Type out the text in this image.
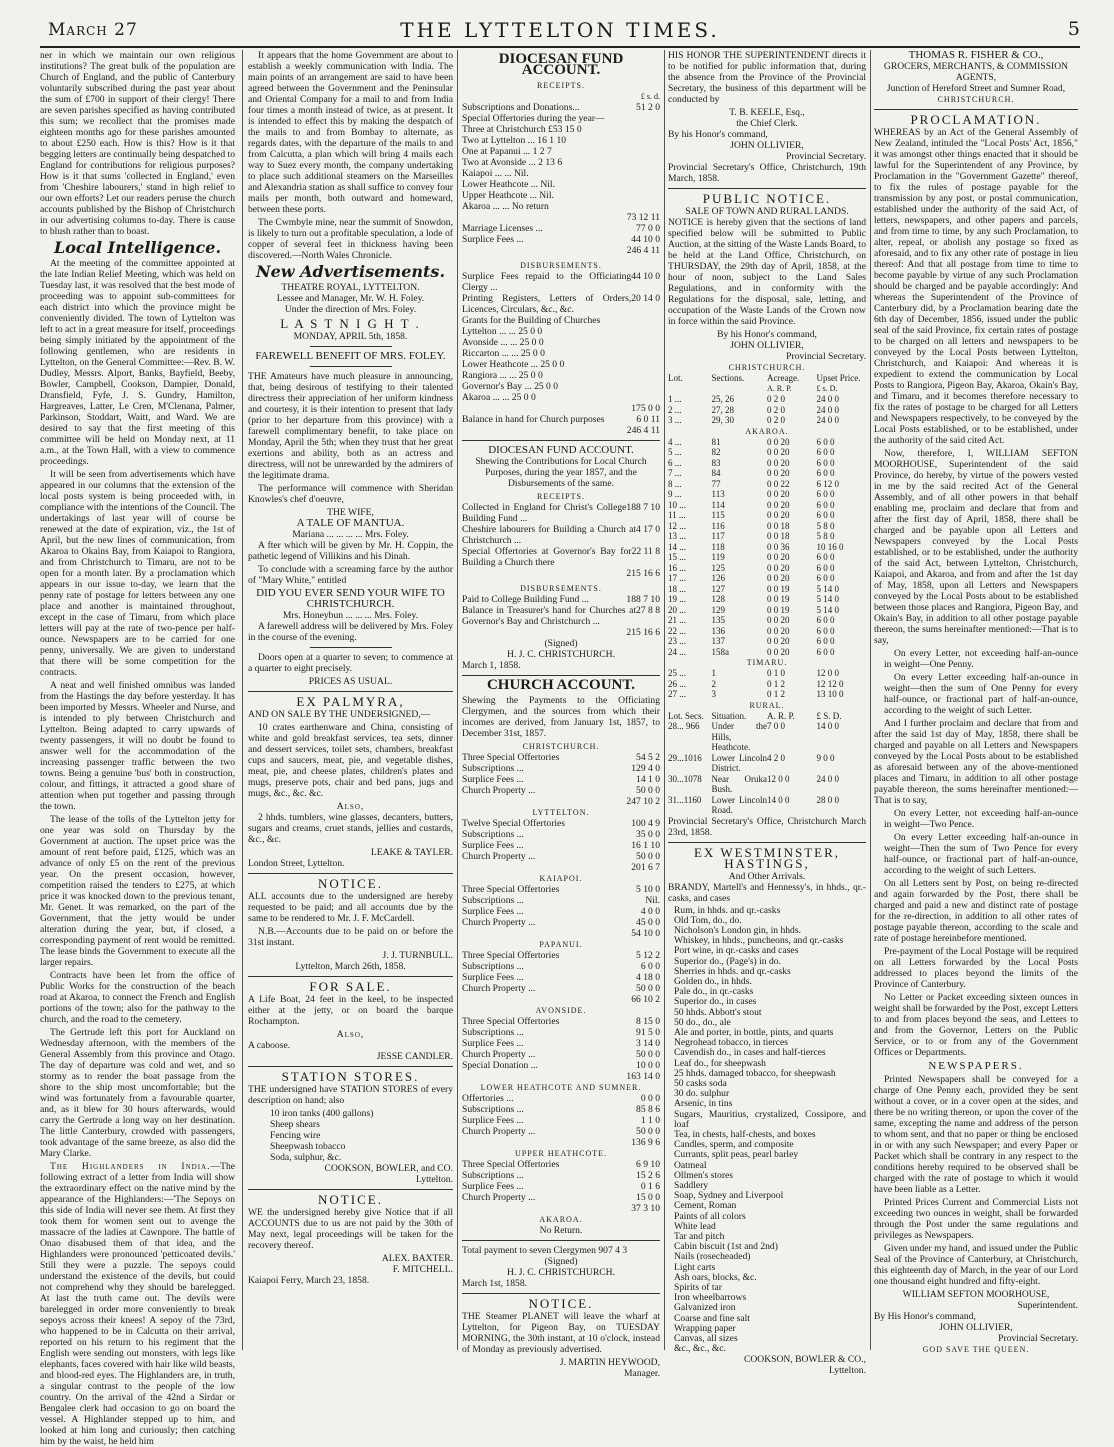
March 27	THE LYTTELTON TIMES.	5

ner in which we maintain our own religious institutions? The great bulk of the population are Church of England, and the public of Canterbury voluntarily subscribed during the past year about the sum of £700 in support of their clergy! There are seven parishes specified as having contributed this sum; we recollect that the promises made eighteen months ago for these parishes amounted to about £250 each. How is this? How is it that begging letters are continually being despatched to England for contributions for religious purposes? How is it that sums 'collected in England,' even from 'Cheshire labourers,' stand in high relief to our own efforts? Let our readers peruse the church accounts published by the Bishop of Christchurch in our advertising columns to-day. There is cause to blush rather than to boast.

Local Intelligence.

At the meeting of the committee appointed at the late Indian Relief Meeting, which was held on Tuesday last, it was resolved that the best mode of proceeding was to appoint sub-committees for each district into which the province might be conveniently divided. The town of Lyttelton was left to act in a great measure for itself, proceedings being simply initiated by the appointment of the following gentlemen, who are residents in Lyttelton, on the General Committee:—Rev. B. W. Dudley, Messrs. Alport, Banks, Bayfield, Beeby, Bowler, Campbell, Cookson, Dampier, Donald, Dransfield, Fyfe, J. S. Gundry, Hamilton, Hargreaves, Latter, Le Cren, M'Clenana, Palmer, Parkinson, Stoddart, Waitt, and Ward. We are desired to say that the first meeting of this committee will be held on Monday next, at 11 a.m., at the Town Hall, with a view to commence proceedings.

It will be seen from advertisements which have appeared in our columns that the extension of the local posts system is being proceeded with, in compliance with the intentions of the Council. The undertakings of last year will of course be renewed at the date of expiration, viz., the 1st of April, but the new lines of communication, from Akaroa to Okains Bay, from Kaiapoi to Rangiora, and from Christchurch to Timaru, are not to be open for a month later. By a proclamation which appears in our issue to-day, we learn that the penny rate of postage for letters between any one place and another is maintained throughout, except in the case of Timaru, from which place letters will pay at the rate of two-pence per half-ounce. Newspapers are to be carried for one penny, universally. We are given to understand that there will be some competition for the contracts.

A neat and well finished omnibus was landed from the Hastings the day before yesterday. It has been imported by Messrs. Wheeler and Nurse, and is intended to ply between Christchurch and Lyttelton. Being adapted to carry upwards of twenty passengers, it will no doubt be found to answer well for the accommodation of the increasing passenger traffic between the two towns. Being a genuine 'bus' both in construction, colour, and fittings, it attracted a good share of attention when put together and passing through the town.

The lease of the tolls of the Lyttelton jetty for one year was sold on Thursday by the Government at auction. The upset price was the amount of rent before paid, £125, which was an advance of only £5 on the rent of the previous year. On the present occasion, however, competition raised the tenders to £275, at which price it was knocked down to the previous tenant, Mr. Genet. It was remarked, on the part of the Government, that the jetty would be under alteration during the year, but, if closed, a corresponding payment of rent would be remitted. The lease binds the Government to execute all the larger repairs.

Contracts have been let from the office of Public Works for the construction of the beach road at Akaroa, to connect the French and English portions of the town; also for the pathway to the church, and the road to the cemetery.

The Gertrude left this port for Auckland on Wednesday afternoon, with the members of the General Assembly from this province and Otago. The day of departure was cold and wet, and so stormy as to render the boat passage from the shore to the ship most uncomfortable; but the wind was fortunately from a favourable quarter, and, as it blew for 30 hours afterwards, would carry the Gertrude a long way on her destination. The little Canterbury, crowded with passengers, took advantage of the same breeze, as also did the Mary Clarke.

The Highlanders in India.—The following extract of a letter from India will show the extraordinary effect on the native mind by the appearance of the Highlanders:—'The Sepoys on this side of India will never see them. At first they took them for women sent out to avenge the massacre of the ladies at Cawnpore. The battle of Onao disabused them of that idea, and the Highlanders were pronounced 'petticoated devils.' Still they were a puzzle. The sepoys could understand the existence of the devils, but could not comprehend why they should be barelegged. At last the truth came out. The devils were barelegged in order more conveniently to break sepoys across their knees! A sepoy of the 73rd, who happened to be in Calcutta on their arrival, reported on his return to his regiment that the English were sending out monsters, with legs like elephants, faces covered with hair like wild beasts, and blood-red eyes. The Highlanders are, in truth, a singular contrast to the people of the low country. On the arrival of the 42nd a Sirdar or Bengalee clerk had occasion to go on board the vessel. A Highlander stepped up to him, and looked at him long and curiously; then catching him by the waist, he held him

It appears that the home Government are about to establish a weekly communication with India. The main points of an arrangement are said to have been agreed between the Government and the Peninsular and Oriental Company for a mail to and from India four times a month instead of twice, as at present. It is intended to effect this by making the despatch of the mails to and from Bombay to alternate, as regards dates, with the departure of the mails to and from Calcutta, a plan which will bring 4 mails each way to Suez every month, the company undertaking to place such additional steamers on the Marseilles and Alexandria station as shall suffice to convey four mails per month, both outward and homeward, between these ports.

The Cwmbyle mine, near the summit of Snowdon, is likely to turn out a profitable speculation, a lode of copper of several feet in thickness having been discovered.—North Wales Chronicle.

New Advertisements.
THEATRE ROYAL, LYTTELTON.
Lessee and Manager, Mr. W. H. Foley.
Under the direction of Mrs. Foley.
L A S T N I G H T .
MONDAY, APRIL 5th, 1858.
FAREWELL BENEFIT OF MRS. FOLEY.

THE Amateurs have much pleasure in announcing, that, being desirous of testifying to their talented directress their appreciation of her uniform kindness and courtesy, it is their intention to present that lady (prior to her departure from this province) with a farewell complimentary benefit, to take place on Monday, April the 5th; when they trust that her great exertions and ability, both as an actress and directress, will not be unrewarded by the admirers of the legitimate drama.

The performance will commence with Sheridan Knowles's chef d'oeuvre,

THE WIFE,
A TALE OF MANTUA.
Mariana ... ... ... ... Mrs. Foley.

A fter which will be given by Mr. H. Coppin, the pathetic legend of Villikins and his Dinah.

To conclude with a screaming farce by the author of "Mary White," entitled

DID YOU EVER SEND YOUR WIFE TO CHRISTCHURCH.
Mrs. Honeybun ... ... ... Mrs. Foley.

A farewell address will be delivered by Mrs. Foley in the course of the evening.

Doors open at a quarter to seven; to commence at a quarter to eight precisely.

PRICES AS USUAL.
EX PALMYRA,

AND ON SALE BY THE UNDERSIGNED,—

10 crates earthenware and China, consisting of white and gold breakfast services, tea sets, dinner and dessert services, toilet sets, chambers, breakfast cups and saucers, meat, pie, and vegetable dishes, meat, pie, and cheese plates, children's plates and mugs, preserve pots, chair and bed pans, jugs and mugs, &c., &c. &c.

Also,

2 hhds. tumblers, wine glasses, decanters, butters, sugars and creams, cruet stands, jellies and custards, &c., &c.

LEAKE & TAYLER.
London Street, Lyttelton.
NOTICE.

ALL accounts due to the undersigned are hereby requested to be paid; and all accounts due by the same to be rendered to Mr. J. F. McCardell.

N.B.—Accounts due to be paid on or before the 31st instant.

J. J. TURNBULL.
Lyttelton, March 26th, 1858.
FOR SALE.

A Life Boat, 24 feet in the keel, to be inspected either at the jetty, or on board the barque Rochampton.

Also,
A caboose.
JESSE CANDLER.
STATION STORES.

THE undersigned have STATION STORES of every description on hand; also

10 iron tanks (400 gallons)
Sheep shears
Fencing wire
Sheepwash tobacco
Soda, sulphur, &c.
COOKSON, BOWLER, and CO.
Lyttelton.
NOTICE.

WE the undersigned hereby give Notice that if all ACCOUNTS due to us are not paid by the 30th of May next, legal proceedings will be taken for the recovery thereof.

ALEX. BAXTER.
F. MITCHELL.
Kaiapoi Ferry, March 23, 1858.
DIOCESAN FUND ACCOUNT.
RECEIPTS.
£ s. d.
Subscriptions and Donations...	51 2 0
Special Offertories during the year—
Three at Christchurch £53 15 0
Two at Lyttelton ... 16 1 10
One at Papanui ... 1 2 7
Two at Avonside ... 2 13 6
Kaiapoi ... ... Nil.
Lower Heathcote ... Nil.
Upper Heathcote ... Nil.
Akaroa ... ... No return
73 12 11
Marriage Licenses ...	77 0 0
Surplice Fees ...	44 10 0
246 4 11
DISBURSEMENTS.
Surplice Fees repaid to the Officiating Clergy ...
44 10 0
Printing Registers, Letters of Orders, Licences, Circulars, &c., &c.
20 14 0
Grants for the Building of Churches
Lyttelton ... ... 25 0 0
Avonside ... ... 25 0 0
Riccarton ... ... 25 0 0
Lower Heathcote ... 25 0 0
Rangiora ... ... 25 0 0
Governor's Bay ... 25 0 0
Akaroa ... ... 25 0 0
175 0 0
Balance in hand for Church purposes	6 0 11
246 4 11
DIOCESAN FUND ACCOUNT.

Shewing the Contributions for Local Church Purposes, during the year 1857, and the Disbursements of the same.

RECEIPTS.
Collected in England for Christ's College Building Fund ...
188 7 10
Cheshire labourers for Building a Church at Christchurch ...
4 17 0
Special Offertories at Governor's Bay for Building a Church there
22 11 8
215 16 6
DISBURSEMENTS.
Paid to College Building Fund ...	188 7 10
Balance in Treasurer's hand for Churches at Governor's Bay and Christchurch ...
27 8 8
215 16 6
(Signed)
H. J. C. CHRISTCHURCH.
March 1, 1858.
CHURCH ACCOUNT.

Shewing the Payments to the Officiating Clergymen, and the sources from which their incomes are derived, from January 1st, 1857, to December 31st, 1857.

CHRISTCHURCH.
Three Special Offertories	54 5 2
Subscriptions ...	129 4 0
Surplice Fees ...	14 1 0
Church Property ...	50 0 0
247 10 2
LYTTELTON.
Twelve Special Offertories	100 4 9
Subscriptions ...	35 0 0
Surplice Fees ...	16 1 10
Church Property ...	50 0 0
201 6 7
KAIAPOI.
Three Special Offertories	5 10 0
Subscriptions ...	Nil.
Surplice Fees ...	4 0 0
Church Property ...	45 0 0
54 10 0
PAPANUI.
Three Special Offertories	5 12 2
Subscriptions ...	6 0 0
Surplice Fees ...	4 18 0
Church Property ...	50 0 0
66 10 2
AVONSIDE.
Three Special Offertories	8 15 0
Subscriptions ...	91 5 0
Surplice Fees ...	3 14 0
Church Property ...	50 0 0
Special Donation ...	10 0 0
163 14 0
LOWER HEATHCOTE AND SUMNER.
Offertories ...	0 0 0
Subscriptions ...	85 8 6
Surplice Fees ...	1 1 0
Church Property ...	50 0 0
136 9 6
UPPER HEATHCOTE.
Three Special Offertories	6 9 10
Subscriptions ...	15 2 6
Surplice Fees ...	0 1 6
Church Property ...	15 0 0
37 3 10
AKAROA.
No Return.
Total payment to seven Clergymen 907 4 3
(Signed)
H. J. C. CHRISTCHURCH.
March 1st, 1858.
NOTICE.

THE Steamer PLANET will leave the wharf at Lyttelton, for Pigeon Bay, on TUESDAY MORNING, the 30th instant, at 10 o'clock, instead of Monday as previously advertised.

J. MARTIN HEYWOOD,
Manager.

HIS HONOR THE SUPERINTENDENT directs it to be notified for public information that, during the absence from the Province of the Provincial Secretary, the business of this department will be conducted by

T. B. KEELE, Esq.,
the Chief Clerk.
By his Honor's command,
JOHN OLLIVIER,
Provincial Secretary.
Provincial Secretary's Office, Christchurch, 19th March, 1858.
PUBLIC NOTICE.
SALE OF TOWN AND RURAL LANDS.

NOTICE is hereby given that the sections of land specified below will be submitted to Public Auction, at the sitting of the Waste Lands Board, to be held at the Land Office, Christchurch, on THURSDAY, the 29th day of April, 1858, at the hour of noon, subject to the Land Sales Regulations, and in conformity with the Regulations for the disposal, sale, letting, and occupation of the Waste Lands of the Crown now in force within the said Province.

By his Honor's command,
JOHN OLLIVIER,
Provincial Secretary.
CHRISTCHURCH.
Lot.	Sections.	Acreage.	Upset Price.
		A. R. P.	£ s. D.
1 ...	25, 26	0 2 0	24 0 0
2 ...	27, 28	0 2 0	24 0 0
3 ...	29, 30	0 2 0	24 0 0
AKAROA.
4 ...	81	0 0 20	6 0 0
5 ...	82	0 0 20	6 0 0
6 ...	83	0 0 20	6 0 0
7 ...	84	0 0 20	6 0 0
8 ...	77	0 0 22	6 12 0
9 ...	113	0 0 20	6 0 0
10 ...	114	0 0 20	6 0 0
11 ...	115	0 0 20	6 0 0
12 ...	116	0 0 18	5 8 0
13 ...	117	0 0 18	5 8 0
14 ...	118	0 0 36	10 16 0
15 ...	119	0 0 20	6 0 0
16 ...	125	0 0 20	6 0 0
17 ...	126	0 0 20	6 0 0
18 ...	127	0 0 19	5 14 0
19 ...	128	0 0 19	5 14 0
20 ...	129	0 0 19	5 14 0
21 ...	135	0 0 20	6 0 0
22 ...	136	0 0 20	6 0 0
23 ...	137	0 0 20	6 0 0
24 ...	158a	0 0 20	6 0 0
TIMARU.
25 ...	1	0 1 0	12 0 0
26 ...	2	0 1 2	12 12 0
27 ...	3	0 1 2	13 10 0
RURAL.
Lot. Secs.	Situation.	A. R. P.	£ S. D.
28... 966	Under the Hills, Heathcote.	7 0 0	14 0 0
29...1016	Lower Lincoln District.	4 2 0	9 0 0
30...1078	Near Oruka Bush.	12 0 0	24 0 0
31...1160	Lower Lincoln Road.	14 0 0	28 0 0
Provincial Secretary's Office, Christchurch March 23rd, 1858.
EX WESTMINSTER, HASTINGS,
And Other Arrivals.

BRANDY, Martell's and Hennessy's, in hhds., qr.-casks, and cases

Rum, in hhds. and qr.-casks
Old Tom, do., do.
Nicholson's London gin, in hhds.
Whiskey, in hhds., puncheons, and qr.-casks
Port wine, in qr.-casks and cases
Superior do., (Page's) in do.
Sherries in hhds. and qr.-casks
Golden do., in hhds.
Pale do., in qr.-casks
Superior do., in cases
50 hhds. Abbott's stout
50 do., do., ale
Ale and porter, in bottle, pints, and quarts
Negrohead tobacco, in tierces
Cavendish do., in cases and half-tierces
Leaf do., for sheepwash
25 hhds. damaged tobacco, for sheepwash
50 casks soda
30 do. sulphur
Arsenic, in tins
Sugars, Mauritius, crystalized, Cossipore, and loaf
Tea, in chests, half-chests, and boxes
Candles, sperm, and composite
Currants, split peas, pearl barley
Oatmeal
Ollmen's stores
Saddlery
Soap, Sydney and Liverpool
Cement, Roman
Paints of all colors
White lead
Tar and pitch
Cabin biscuit (1st and 2nd)
Nails (rosecheaded)
Light carts
Ash oars, blocks, &c.
Spirits of tar
Iron wheelbarrows
Galvanized iron
Coarse and fine salt
Wrapping paper
Canvas, all sizes
&c., &c., &c.
COOKSON, BOWLER & CO.,
Lyttelton.
THOMAS R. FISHER & CO.,
GROCERS, MERCHANTS, & COMMISSION AGENTS,
Junction of Hereford Street and Sumner Road,
CHRISTCHURCH.
PROCLAMATION.

WHEREAS by an Act of the General Assembly of New Zealand, intituled the "Local Posts' Act, 1856," it was amongst other things enacted that it should be lawful for the Superintendent of any Province, by Proclamation in the "Government Gazette" thereof, to fix the rules of postage payable for the transmission by any post, or postal communication, established under the authority of the said Act, of letters, newspapers, and other papers and parcels, and from time to time, by any such Proclamation, to alter, repeal, or abolish any postage so fixed as aforesaid, and to fix any other rate of postage in lieu thereof: And that all postage from time to time to become payable by virtue of any such Proclamation should be charged and be payable accordingly: And whereas the Superintendent of the Province of Canterbury did, by a Proclamation bearing date the 6th day of December, 1856, issued under the public seal of the said Province, fix certain rates of postage to be charged on all letters and newspapers to be conveyed by the Local Posts between Lyttelton, Christchurch, and Kaiapoi: And whereas it is expedient to extend the communication by Local Posts to Rangiora, Pigeon Bay, Akaroa, Okain's Bay, and Timaru, and it becomes therefore necessary to fix the rates of postage to be charged for all Letters and Newspapers respectively, to be conveyed by the Local Posts established, or to be established, under the authority of the said cited Act.

Now, therefore, I, WILLIAM SEFTON MOORHOUSE, Superintendent of the said Province, do hereby, by virtue of the powers vested in me by the said recited Act of the General Assembly, and of all other powers in that behalf enabling me, proclaim and declare that from and after the first day of April, 1858, there shall be charged and be payable upon all Letters and Newspapers conveyed by the Local Posts established, or to be established, under the authority of the said Act, between Lyttelton, Christchurch, Kaiapoi, and Akaroa, and from and after the 1st day of May, 1858, upon all Letters and Newspapers conveyed by the Local Posts about to be established between those places and Rangiora, Pigeon Bay, and Okain's Bay, in addition to all other postage payable thereon, the sums hereinafter mentioned:—That is to say,

On every Letter, not exceeding half-an-ounce in weight—One Penny.

On every Letter exceeding half-an-ounce in weight—then the sum of One Penny for every half-ounce, or fractional part of half-an-ounce, according to the weight of such Letter.

And I further proclaim and declare that from and after the said 1st day of May, 1858, there shall be charged and payable on all Letters and Newspapers conveyed by the Local Posts about to be established as aforesaid between any of the above-mentioned places and Timaru, in addition to all other postage payable thereon, the sums hereinafter mentioned:—That is to say,

On every Letter, not exceeding half-an-ounce in weight—Two Pence.

On every Letter exceeding half-an-ounce in weight—Then the sum of Two Pence for every half-ounce, or fractional part of half-an-ounce, according to the weight of such Letters.

On all Letters sent by Post, on being re-directed and again forwarded by the Post, there shall be charged and paid a new and distinct rate of postage for the re-direction, in addition to all other rates of postage payable thereon, according to the scale and rate of postage hereinbefore mentioned.

Pre-payment of the Local Postage will be required on all Letters forwarded by the Local Posts addressed to places beyond the limits of the Province of Canterbury.

No Letter or Packet exceeding sixteen ounces in weight shall be forwarded by the Post, except Letters to and from places beyond the seas, and Letters to and from the Governor, Letters on the Public Service, or to or from any of the Government Offices or Departments.

NEWSPAPERS.

Printed Newspapers shall be conveyed for a charge of One Penny each, provided they be sent without a cover, or in a cover open at the sides, and there be no writing thereon, or upon the cover of the same, excepting the name and address of the person to whom sent, and that no paper or thing be enclosed in or with any such Newspaper; and every Paper or Packet which shall be contrary in any respect to the conditions hereby required to be observed shall be charged with the rate of postage to which it would have been liable as a Letter.

Printed Prices Current and Commercial Lists not exceeding two ounces in weight, shall be forwarded through the Post under the same regulations and privileges as Newspapers.

Given under my hand, and issued under the Public Seal of the Province of Canterbury, at Christchurch, this eighteenth day of March, in the year of our Lord one thousand eight hundred and fifty-eight.

WILLIAM SEFTON MOORHOUSE,
Superintendent.
By His Honor's command,
JOHN OLLIVIER,
Provincial Secretary.
GOD SAVE THE QUEEN.
